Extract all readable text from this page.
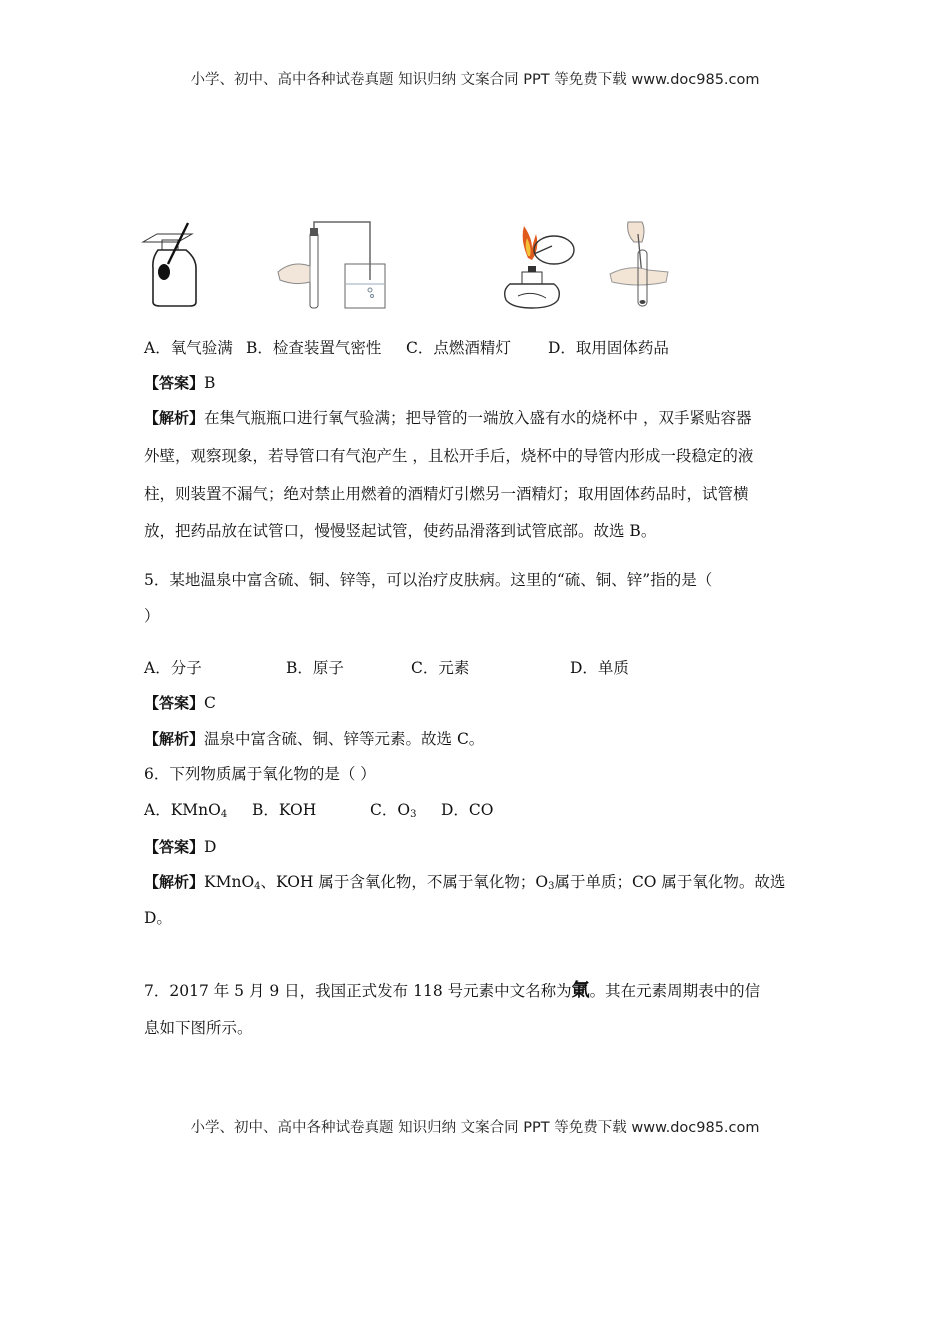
小学、初中、高中各种试卷真题 知识归纳 文案合同 PPT 等免费下载 www.doc985.com
A．氧气验满 B．检查装置气密性 C．点燃酒精灯 D．取用固体药品
【答案】B
【解析】在集气瓶瓶口进行氧气验满；把导管的一端放入盛有水的烧杯中 ，双手紧贴容器
外壁，观察现象，若导管口有气泡产生 ，且松开手后，烧杯中的导管内形成一段稳定的液
柱，则装置不漏气；绝对禁止用燃着的酒精灯引燃另一酒精灯；取用固体药品时，试管横
放，把药品放在试管口，慢慢竖起试管，使药品滑落到试管底部。故选 B。
5．某地温泉中富含硫、铜、锌等，可以治疗皮肤病。这里的“硫、铜、锌”指的是（
）
A．分子	B．原子	C．元素	D．单质
【答案】C
【解析】温泉中富含硫、铜、锌等元素。故选 C。
6．下列物质属于氧化物的是（ ）
A．KMnO$_4$ B．KOH	C．$O_3$ D．CO
【答案】D
【解析】KMnO$_4$、KOH 属于含氧化物，不属于氧化物；$O_3$属于单质；CO 属于氧化物。故选
D。
7．2017 年 5 月 9 日，我国正式发布 118 号元素中文名称为氭。其在元素周期表中的信
息如下图所示。
小学、初中、高中各种试卷真题 知识归纳 文案合同 PPT 等免费下载 www.doc985.com
